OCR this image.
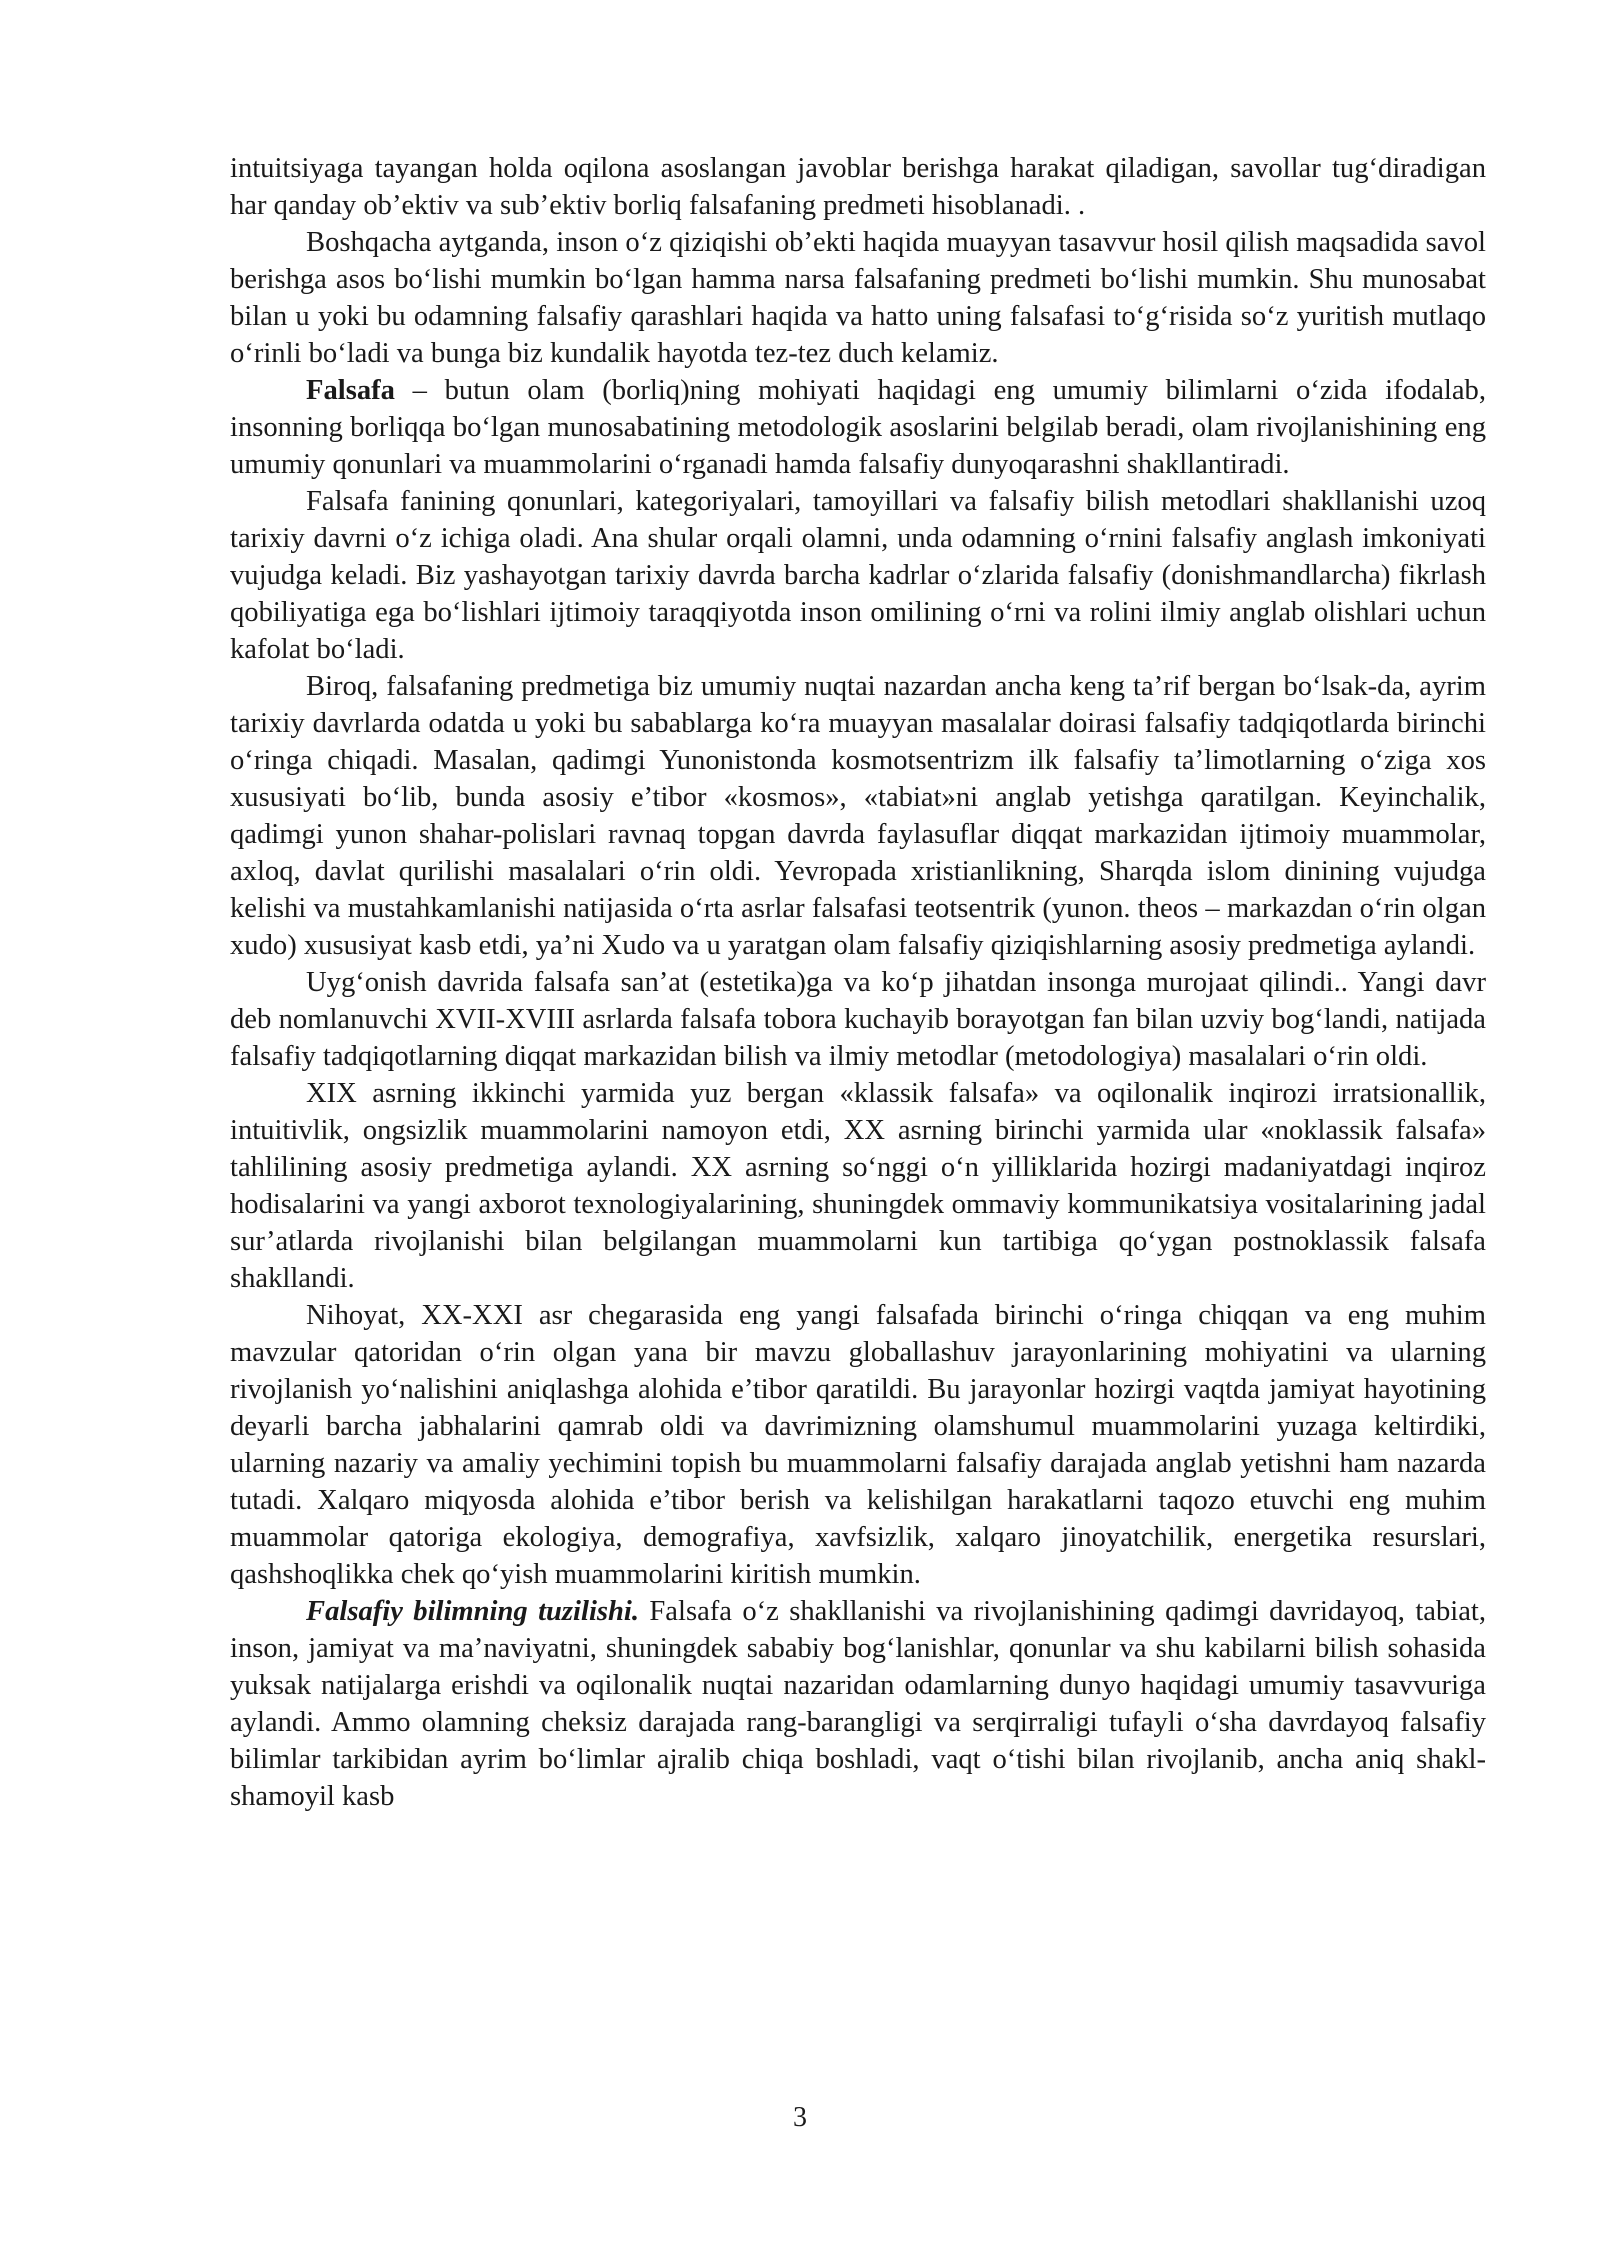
intuitsiyaga tayangan holda oqilona asoslangan javoblar berishga harakat qiladigan, savollar tug‘diradigan har qanday ob’ektiv va sub’ektiv borliq falsafaning predmeti hisoblanadi. .

Boshqacha aytganda, inson o‘z qiziqishi ob’ekti haqida muayyan tasavvur hosil qilish maqsadida savol berishga asos bo‘lishi mumkin bo‘lgan hamma narsa falsafaning predmeti bo‘lishi mumkin. Shu munosabat bilan u yoki bu odamning falsafiy qarashlari haqida va hatto uning falsafasi to‘g‘risida so‘z yuritish mutlaqo o‘rinli bo‘ladi va bunga biz kundalik hayotda tez-tez duch kelamiz.

Falsafa – butun olam (borliq)ning mohiyati haqidagi eng umumiy bilimlarni o‘zida ifodalab, insonning borliqqa bo‘lgan munosabatining metodologik asoslarini belgilab beradi, olam rivojlanishining eng umumiy qonunlari va muammolarini o‘rganadi hamda falsafiy dunyoqarashni shakllantiradi.

Falsafa fanining qonunlari, kategoriyalari, tamoyillari va falsafiy bilish metodlari shakllanishi uzoq tarixiy davrni o‘z ichiga oladi. Ana shular orqali olamni, unda odamning o‘rnini falsafiy anglash imkoniyati vujudga keladi. Biz yashayotgan tarixiy davrda barcha kadrlar o‘zlarida falsafiy (donishmandlarcha) fikrlash qobiliyatiga ega bo‘lishlari ijtimoiy taraqqiyotda inson omilining o‘rni va rolini ilmiy anglab olishlari uchun kafolat bo‘ladi.

Biroq, falsafaning predmetiga biz umumiy nuqtai nazardan ancha keng ta’rif bergan bo‘lsak-da, ayrim tarixiy davrlarda odatda u yoki bu sabablarga ko‘ra muayyan masalalar doirasi falsafiy tadqiqotlarda birinchi o‘ringa chiqadi. Masalan, qadimgi Yunonistonda kosmotsentrizm ilk falsafiy ta’limotlarning o‘ziga xos xususiyati bo‘lib, bunda asosiy e’tibor «kosmos», «tabiat»ni anglab yetishga qaratilgan. Keyinchalik, qadimgi yunon shahar-polislari ravnaq topgan davrda faylasuflar diqqat markazidan ijtimoiy muammolar, axloq, davlat qurilishi masalalari o‘rin oldi. Yevropada xristianlikning, Sharqda islom dinining vujudga kelishi va mustahkamlanishi natijasida o‘rta asrlar falsafasi teotsentrik (yunon. theos – markazdan o‘rin olgan xudo) xususiyat kasb etdi, ya’ni Xudo va u yaratgan olam falsafiy qiziqishlarning asosiy predmetiga aylandi.

Uyg‘onish davrida falsafa san’at (estetika)ga va ko‘p jihatdan insonga murojaat qilindi.. Yangi davr deb nomlanuvchi XVII-XVIII asrlarda falsafa tobora kuchayib borayotgan fan bilan uzviy bog‘landi, natijada falsafiy tadqiqotlarning diqqat markazidan bilish va ilmiy metodlar (metodologiya) masalalari o‘rin oldi.

XIX asrning ikkinchi yarmida yuz bergan «klassik falsafa» va oqilonalik inqirozi irratsionallik, intuitivlik, ongsizlik muammolarini namoyon etdi, XX asrning birinchi yarmida ular «noklassik falsafa» tahlilining asosiy predmetiga aylandi. XX asrning so‘nggi o‘n yilliklarida hozirgi madaniyatdagi inqiroz hodisalarini va yangi axborot texnologiyalarining, shuningdek ommaviy kommunikatsiya vositalarining jadal sur’atlarda rivojlanishi bilan belgilangan muammolarni kun tartibiga qo‘ygan postnoklassik falsafa shakllandi.

Nihoyat, XX-XXI asr chegarasida eng yangi falsafada birinchi o‘ringa chiqqan va eng muhim mavzular qatoridan o‘rin olgan yana bir mavzu globallashuv jarayonlarining mohiyatini va ularning rivojlanish yo‘nalishini aniqlashga alohida e’tibor qaratildi. Bu jarayonlar hozirgi vaqtda jamiyat hayotining deyarli barcha jabhalarini qamrab oldi va davrimizning olamshumul muammolarini yuzaga keltirdiki, ularning nazariy va amaliy yechimini topish bu muammolarni falsafiy darajada anglab yetishni ham nazarda tutadi. Xalqaro miqyosda alohida e’tibor berish va kelishilgan harakatlarni taqozo etuvchi eng muhim muammolar qatoriga ekologiya, demografiya, xavfsizlik, xalqaro jinoyatchilik, energetika resurslari, qashshoqlikka chek qo‘yish muammolarini kiritish mumkin.

Falsafiy bilimning tuzilishi. Falsafa o‘z shakllanishi va rivojlanishining qadimgi davridayoq, tabiat, inson, jamiyat va ma’naviyatni, shuningdek sababiy bog‘lanishlar, qonunlar va shu kabilarni bilish sohasida yuksak natijalarga erishdi va oqilonalik nuqtai nazaridan odamlarning dunyo haqidagi umumiy tasavvuriga aylandi. Ammo olamning cheksiz darajada rang-barangligi va serqirraligi tufayli o‘sha davrdayoq falsafiy bilimlar tarkibidan ayrim bo‘limlar ajralib chiqa boshladi, vaqt o‘tishi bilan rivojlanib, ancha aniq shakl-shamoyil kasb

3
